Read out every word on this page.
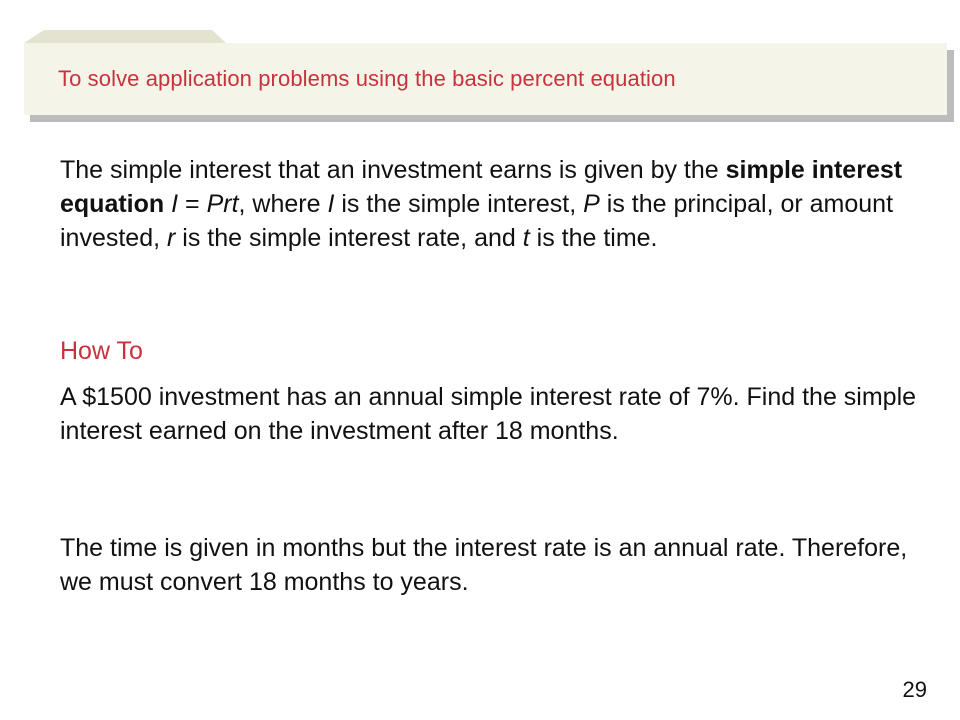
To solve application problems using the basic percent equation
The simple interest that an investment earns is given by the simple interest equation I = Prt, where I is the simple interest, P is the principal, or amount invested, r is the simple interest rate, and t is the time.
How To
A $1500 investment has an annual simple interest rate of 7%. Find the simple interest earned on the investment after 18 months.
The time is given in months but the interest rate is an annual rate. Therefore, we must convert 18 months to years.
29
